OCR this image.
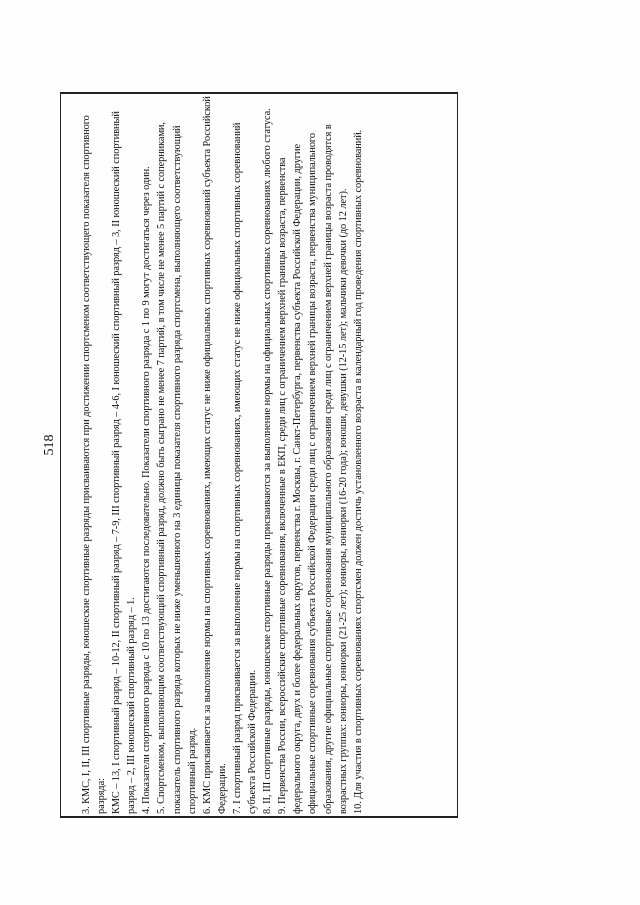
518 3. КМС, I, II, III спортивные разряды, юношеские спортивные разряды присваиваются при достижении спортсменом соответствующего показателя спортивного разряда: КМС – 13, I спортивный разряд – 10-12, II спортивный разряд – 7-9, III спортивный разряд – 4-6, I юношеский спортивный разряд – 3, II юношеский спортивный разряд – 2, III юношеский спортивный разряд – 1. 4. Показатели спортивного разряда с 10 по 13 достигаются последовательно. Показатели спортивного разряда с 1 по 9 могут достигаться через один. 5. Спортсменом, выполняющим соответствующий спортивный разряд, должно быть сыграно не менее 7 партий, в том числе не менее 5 партий с соперниками, показатель спортивного разряда которых не ниже уменьшенного на 3 единицы показателя спортивного разряда спортсмена, выполняющего соответствующий спортивный разряд. 6. КМС присваивается за выполнение нормы на спортивных соревнованиях, имеющих статус не ниже официальных спортивных соревнований субъекта Российской Федерации. 7. I спортивный разряд присваивается за выполнение нормы на спортивных соревнованиях, имеющих статус не ниже официальных спортивных соревнований субъекта Российской Федерации. 8. II, III спортивные разряды, юношеские спортивные разряды присваиваются за выполнение нормы на официальных спортивных соревнованиях любого статуса. 9. Первенства России, всероссийские спортивные соревнования, включенные в ЕКП, среди лиц с ограничением верхней границы возраста, первенства федерального округа, двух и более федеральных округов, первенства г. Москвы, г. Санкт-Петербурга, первенства субъекта Российской Федерации, другие официальные спортивные соревнования субъекта Российской Федерации среди лиц с ограничением верхней границы возраста, первенства муниципального образования, другие официальные спортивные соревнования муниципального образования среди лиц с ограничением верхней границы возраста проводятся в возрастных группах: юниоры, юниорки (21-25 лет); юниоры, юниорки (16-20 года); юноши, девушки (12-15 лет); мальчики девочки (до 12 лет). 10. Для участия в спортивных соревнованиях спортсмен должен достичь установленного возраста в календарный год проведения спортивных соревнований.
